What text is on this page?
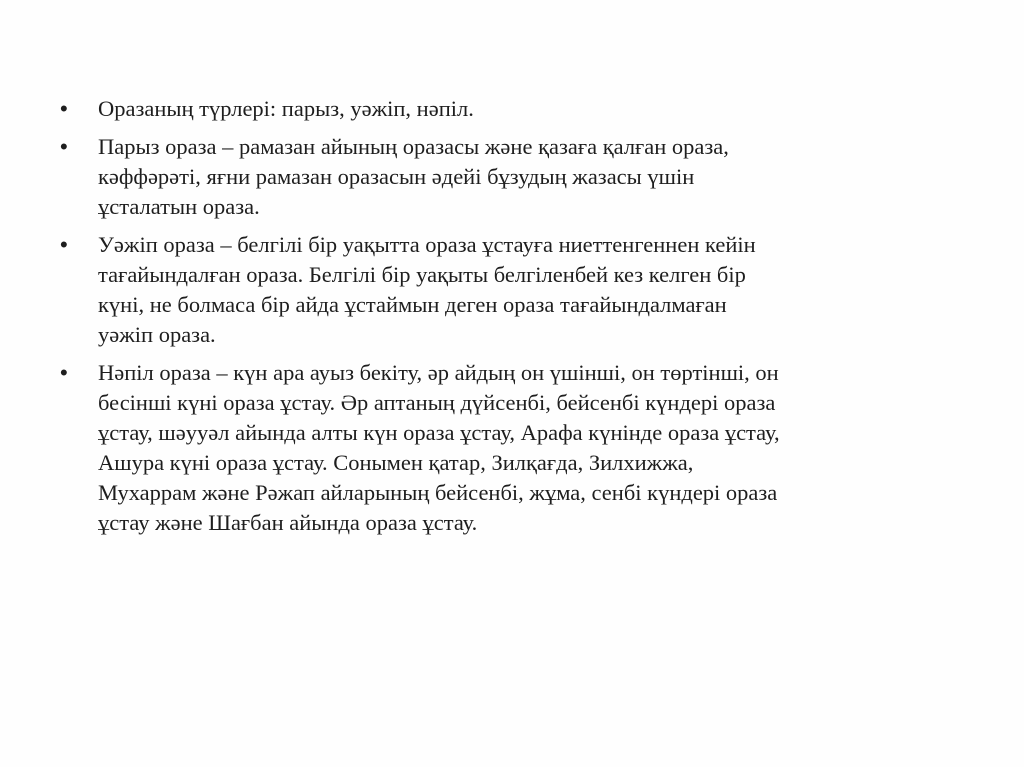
• Оразаның түрлері: парыз, уәжіп, нәпіл.
• Парыз ораза – рамазан айының оразасы және қазаға қалған ораза,
кәффәрәті, яғни рамазан оразасын әдейі бұзудың жазасы үшін
ұсталатын ораза.
• Уәжіп ораза – белгілі бір уақытта ораза ұстауға ниеттенгеннен кейін
тағайындалған ораза. Белгілі бір уақыты белгіленбей кез келген бір
күні, не болмаса бір айда ұстаймын деген ораза тағайындалмаған
уәжіп ораза.
• Нәпіл ораза – күн ара ауыз бекіту, әр айдың он үшінші, он төртінші, он
бесінші күні ораза ұстау. Әр аптаның дүйсенбі, бейсенбі күндері ораза
ұстау, шәууәл айында алты күн ораза ұстау, Арафа күнінде ораза ұстау,
Ашура күні ораза ұстау. Сонымен қатар, Зилқағда, Зилхижжа,
Мухаррам және Рәжап айларының бейсенбі, жұма, сенбі күндері ораза
ұстау және Шағбан айында ораза ұстау.
